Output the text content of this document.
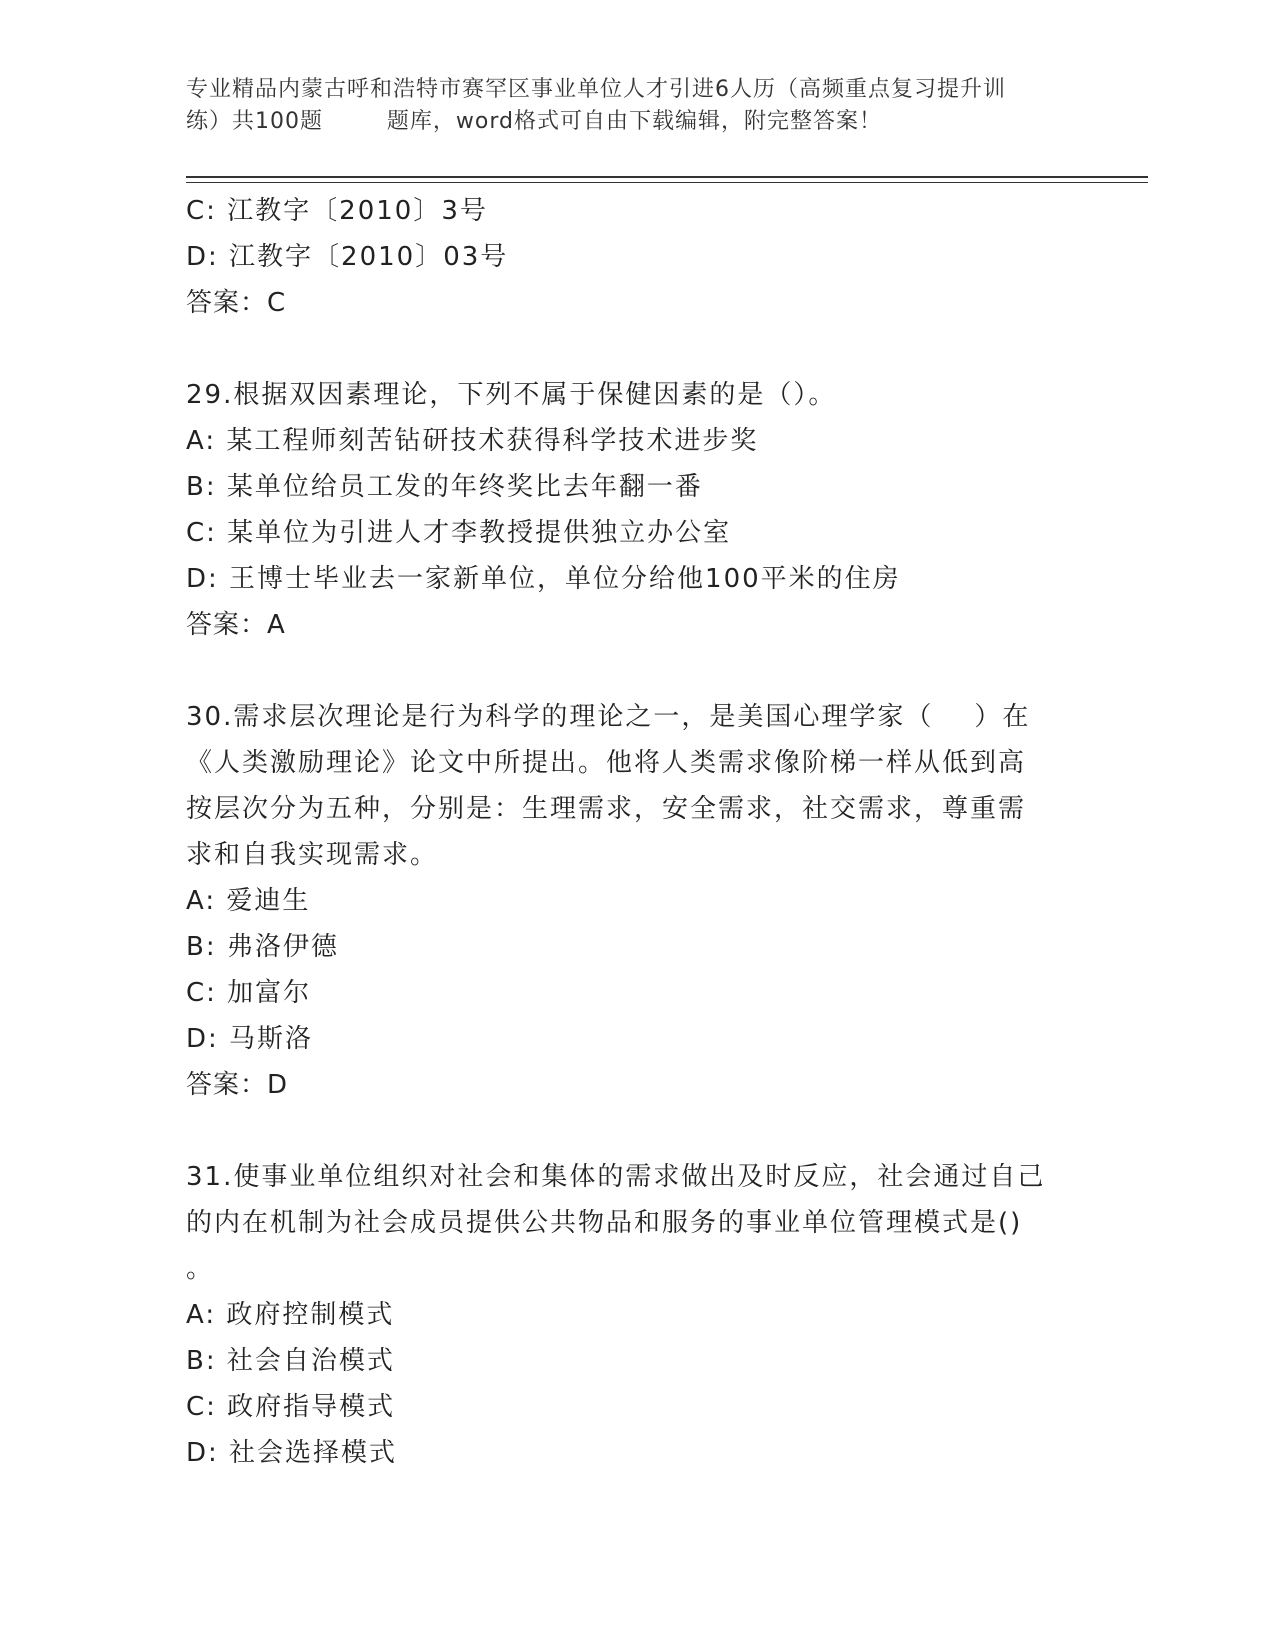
专业精品内蒙古呼和浩特市赛罕区事业单位人才引进6人历（高频重点复习提升训
练）共100题        题库，word格式可自由下载编辑，附完整答案！
C: 江教字〔2010〕3号
D: 江教字〔2010〕03号
答案：C
29.根据双因素理论，下列不属于保健因素的是（）。
A: 某工程师刻苦钻研技术获得科学技术进步奖
B: 某单位给员工发的年终奖比去年翻一番
C: 某单位为引进人才李教授提供独立办公室
D: 王博士毕业去一家新单位，单位分给他100平米的住房
答案：A
30.需求层次理论是行为科学的理论之一，是美国心理学家（    ）在
《人类激励理论》论文中所提出。他将人类需求像阶梯一样从低到高
按层次分为五种，分别是：生理需求，安全需求，社交需求，尊重需
求和自我实现需求。
A: 爱迪生
B: 弗洛伊德
C: 加富尔
D: 马斯洛
答案：D
31.使事业单位组织对社会和集体的需求做出及时反应，社会通过自己
的内在机制为社会成员提供公共物品和服务的事业单位管理模式是()
。
A: 政府控制模式
B: 社会自治模式
C: 政府指导模式
D: 社会选择模式
